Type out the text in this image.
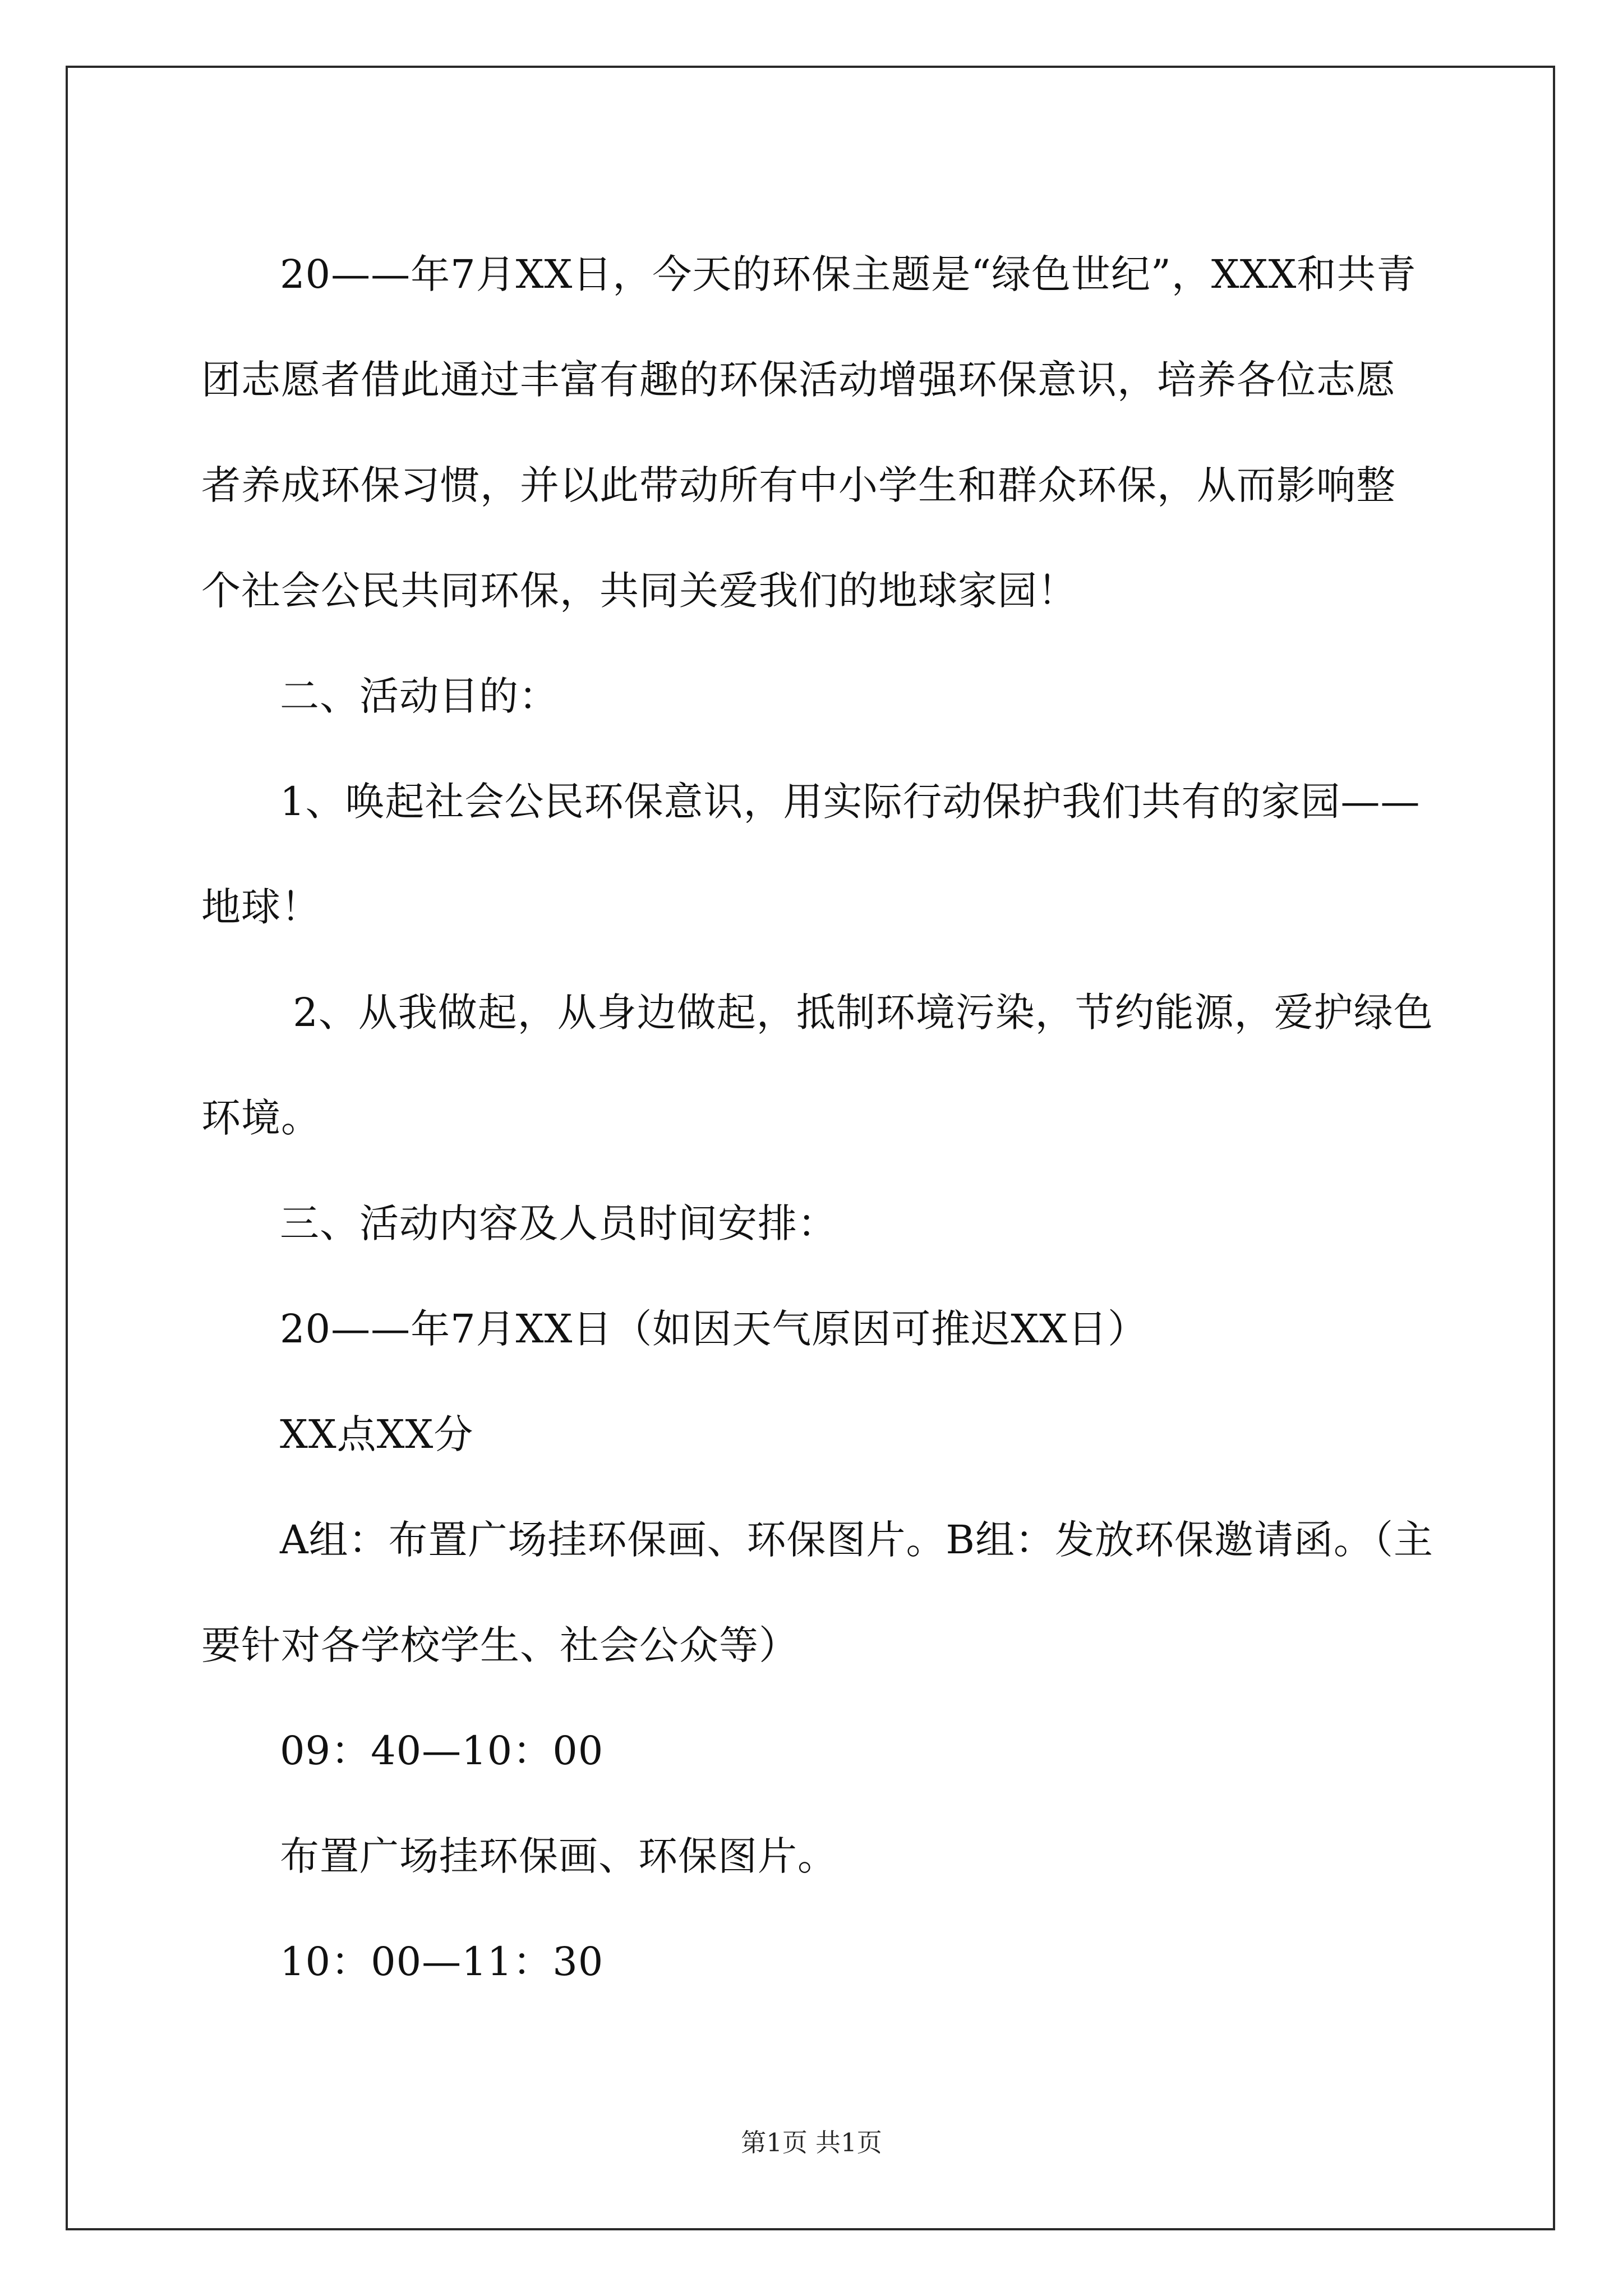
20——年7月XX日，今天的环保主题是“绿色世纪”，XXX和共青团志愿者借此通过丰富有趣的环保活动增强环保意识，培养各位志愿者养成环保习惯，并以此带动所有中小学生和群众环保，从而影响整个社会公民共同环保，共同关爱我们的地球家园！

二、活动目的：

1、唤起社会公民环保意识，用实际行动保护我们共有的家园——地球！

2、从我做起，从身边做起，抵制环境污染，节约能源，爱护绿色环境。

三、活动内容及人员时间安排：

20——年7月XX日（如因天气原因可推迟XX日）

XX点XX分

A组：布置广场挂环保画、环保图片。B组：发放环保邀请函。（主要针对各学校学生、社会公众等）

09：40—10：00

布置广场挂环保画、环保图片。

10：00—11：30

第1页 共1页
